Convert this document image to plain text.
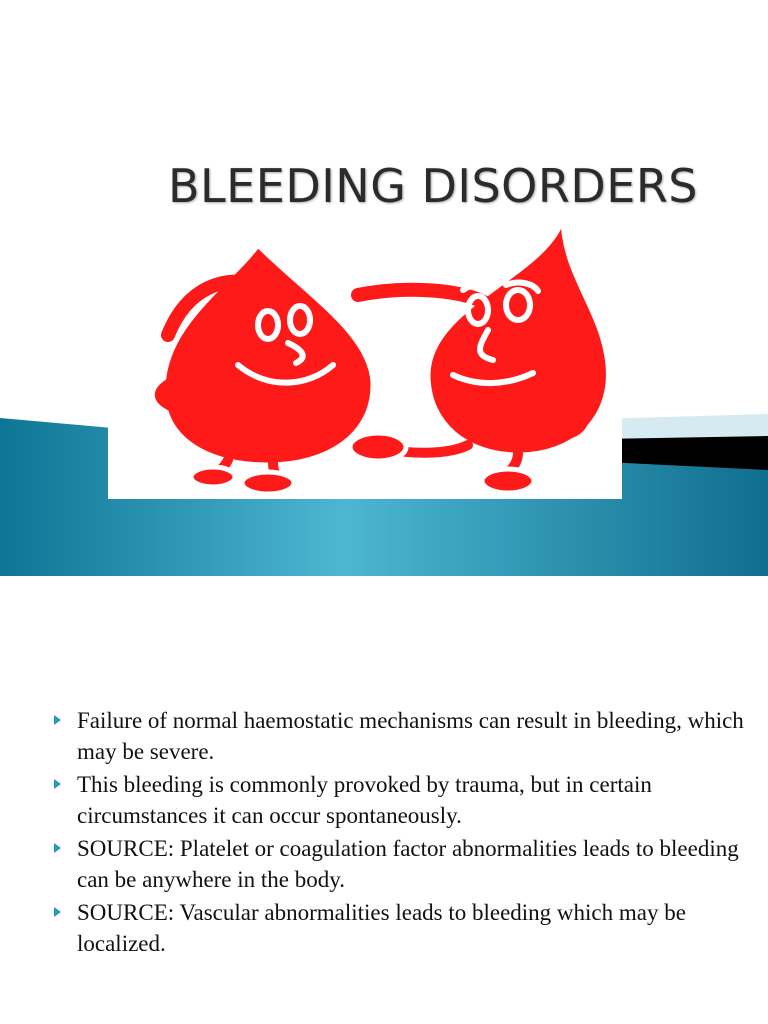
BLEEDING DISORDERS
Failure of normal haemostatic mechanisms can result in bleeding, which may be severe.
This bleeding is commonly provoked by trauma, but in certain circumstances it can occur spontaneously.
SOURCE: Platelet or coagulation factor abnormalities leads to bleeding can be anywhere in the body.
SOURCE: Vascular abnormalities leads to bleeding which may be localized.
